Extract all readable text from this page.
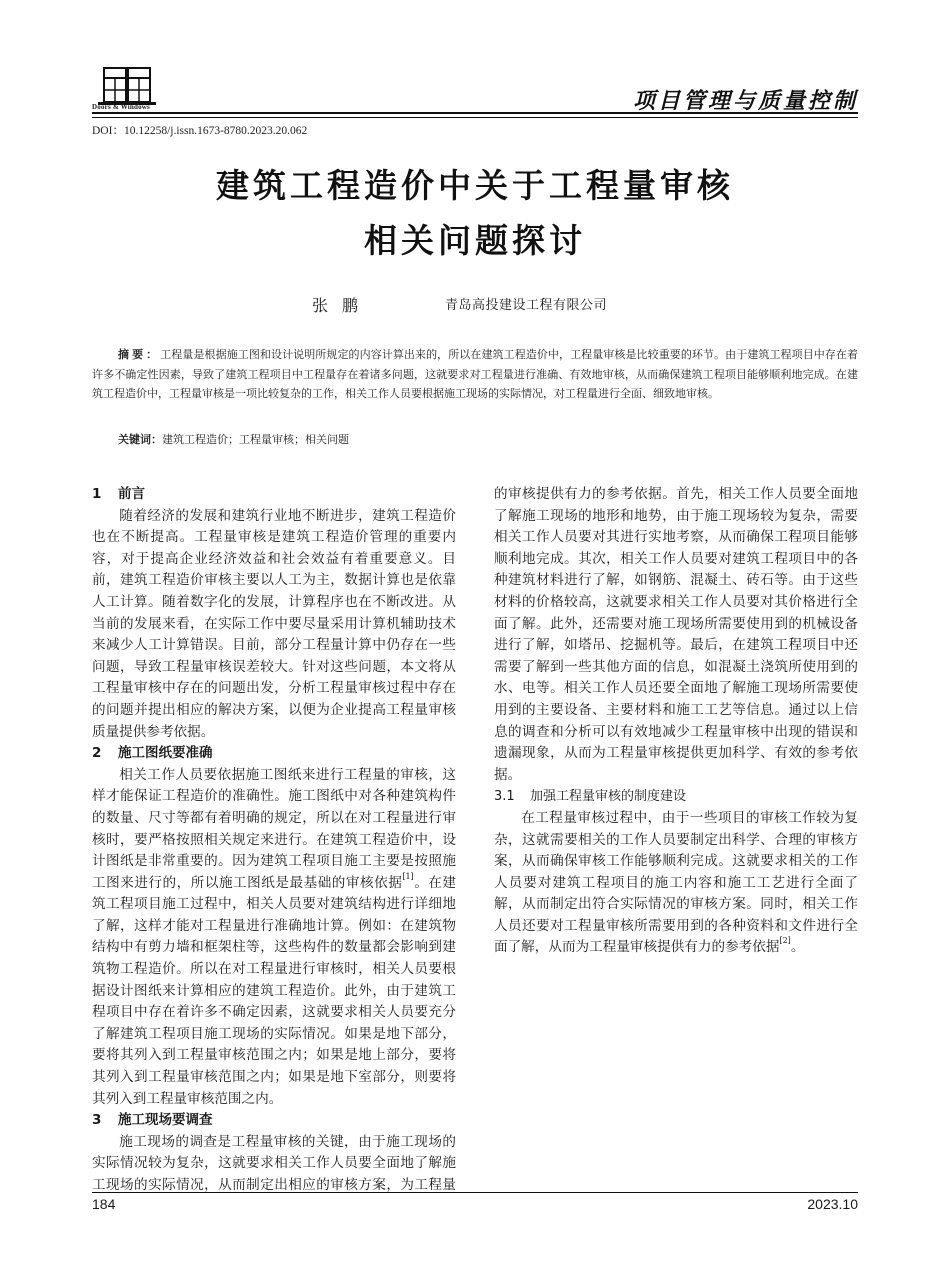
Doors & Windows	项目管理与质量控制
DOI：10.12258/j.issn.1673-8780.2023.20.062
建筑工程造价中关于工程量审核
相关问题探讨
张鹏	青岛高投建设工程有限公司
摘要：工程量是根据施工图和设计说明所规定的内容计算出来的，所以在建筑工程造价中，工程量审核是比较重要的环节。由于建筑工程项目中存在着许多不确定性因素，导致了建筑工程项目中工程量存在着诸多问题，这就要求对工程量进行准确、有效地审核，从而确保建筑工程项目能够顺利地完成。在建筑工程造价中，工程量审核是一项比较复杂的工作，相关工作人员要根据施工现场的实际情况，对工程量进行全面、细致地审核。
关键词：建筑工程造价；工程量审核；相关问题
1 前言

随着经济的发展和建筑行业地不断进步，建筑工程造价也在不断提高。工程量审核是建筑工程造价管理的重要内容，对于提高企业经济效益和社会效益有着重要意义。目前，建筑工程造价审核主要以人工为主，数据计算也是依靠人工计算。随着数字化的发展，计算程序也在不断改进。从当前的发展来看，在实际工作中要尽量采用计算机辅助技术来减少人工计算错误。目前，部分工程量计算中仍存在一些问题，导致工程量审核误差较大。针对这些问题，本文将从工程量审核中存在的问题出发，分析工程量审核过程中存在的问题并提出相应的解决方案，以便为企业提高工程量审核质量提供参考依据。

2 施工图纸要准确

相关工作人员要依据施工图纸来进行工程量的审核，这样才能保证工程造价的准确性。施工图纸中对各种建筑构件的数量、尺寸等都有着明确的规定，所以在对工程量进行审核时，要严格按照相关规定来进行。在建筑工程造价中，设计图纸是非常重要的。因为建筑工程项目施工主要是按照施工图来进行的，所以施工图纸是最基础的审核依据[1]。在建筑工程项目施工过程中，相关人员要对建筑结构进行详细地了解，这样才能对工程量进行准确地计算。例如：在建筑物结构中有剪力墙和框架柱等，这些构件的数量都会影响到建筑物工程造价。所以在对工程量进行审核时，相关人员要根据设计图纸来计算相应的建筑工程造价。此外，由于建筑工程项目中存在着许多不确定因素，这就要求相关人员要充分了解建筑工程项目施工现场的实际情况。如果是地下部分，要将其列入到工程量审核范围之内；如果是地上部分，要将其列入到工程量审核范围之内；如果是地下室部分，则要将其列入到工程量审核范围之内。

3 施工现场要调查

施工现场的调查是工程量审核的关键，由于施工现场的实际情况较为复杂，这就要求相关工作人员要全面地了解施工现场的实际情况，从而制定出相应的审核方案，为工程量的审核提供有力的参考依据。首先，相关工作人员要全面地了解施工现场的地形和地势，由于施工现场较为复杂，需要相关工作人员要对其进行实地考察，从而确保工程项目能够顺利地完成。其次，相关工作人员要对建筑工程项目中的各种建筑材料进行了解，如钢筋、混凝土、砖石等。由于这些材料的价格较高，这就要求相关工作人员要对其价格进行全面了解。此外，还需要对施工现场所需要使用到的机械设备进行了解，如塔吊、挖掘机等。最后，在建筑工程项目中还需要了解到一些其他方面的信息，如混凝土浇筑所使用到的水、电等。相关工作人员还要全面地了解施工现场所需要使用到的主要设备、主要材料和施工工艺等信息。通过以上信息的调查和分析可以有效地减少工程量审核中出现的错误和遗漏现象，从而为工程量审核提供更加科学、有效的参考依据。

3.1 加强工程量审核的制度建设

在工程量审核过程中，由于一些项目的审核工作较为复杂，这就需要相关的工作人员要制定出科学、合理的审核方案，从而确保审核工作能够顺利完成。这就要求相关的工作人员要对建筑工程项目的施工内容和施工工艺进行全面了解，从而制定出符合实际情况的审核方案。同时，相关工作人员还要对工程量审核所需要用到的各种资料和文件进行全面了解，从而为工程量审核提供有力的参考依据[2]。

184	2023.10
